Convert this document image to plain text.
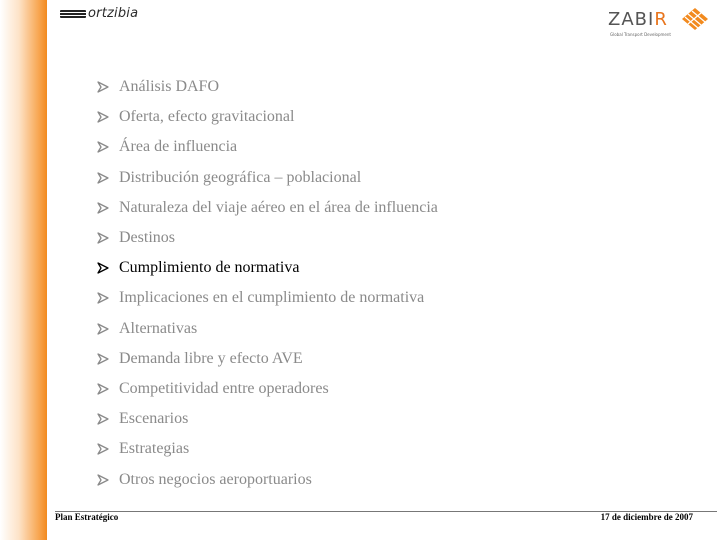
ortzibia	ZABIR
Global Transport Development
Análisis DAFO
Oferta, efecto gravitacional
Área de influencia
Distribución geográfica – poblacional
Naturaleza del viaje aéreo en el área de influencia
Destinos
Cumplimiento de normativa
Implicaciones en el cumplimiento de normativa
Alternativas
Demanda libre y efecto AVE
Competitividad entre operadores
Escenarios
Estrategias
Otros negocios aeroportuarios
Plan Estratégico	17 de diciembre de 2007
